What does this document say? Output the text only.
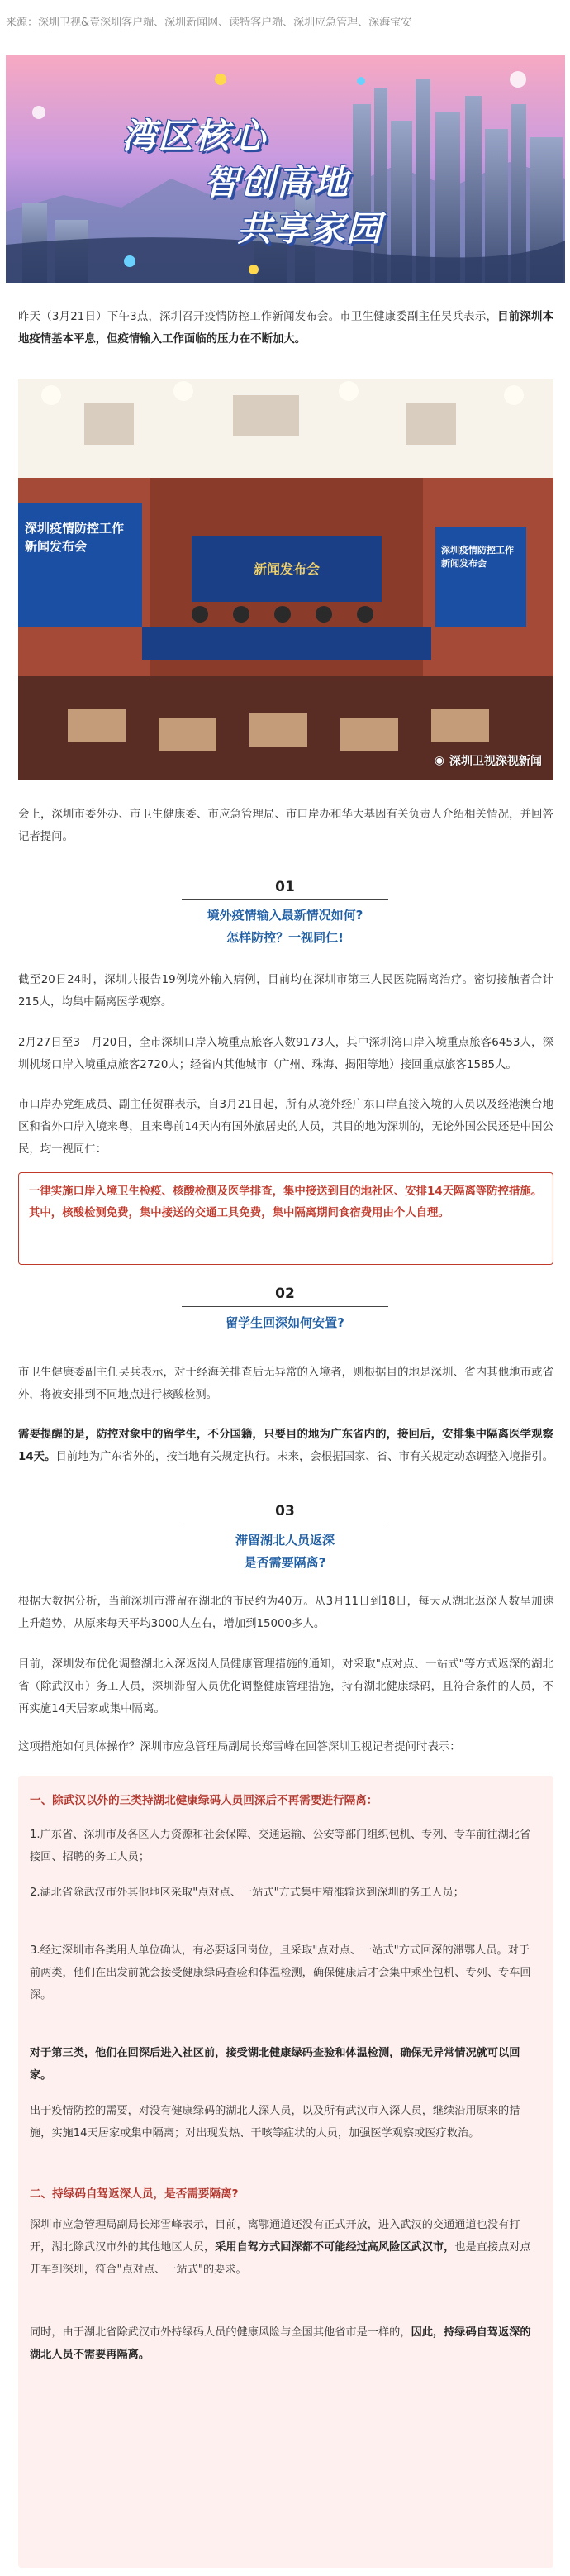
来源：深圳卫视&壹深圳客户端、深圳新闻网、读特客户端、深圳应急管理、深海宝安
湾区核心
智创高地
共享家园
昨天（3月21日）下午3点，深圳召开疫情防控工作新闻发布会。市卫生健康委副主任吴兵表示，目前深圳本地疫情基本平息，但疫情输入工作面临的压力在不断加大。
深圳疫情防控工作新闻发布会	深圳疫情防控工作新闻发布会
新闻发布会
◉ 深圳卫视深视新闻
会上，深圳市委外办、市卫生健康委、市应急管理局、市口岸办和华大基因有关负责人介绍相关情况，并回答记者提问。
01
境外疫情输入最新情况如何?
怎样防控？一视同仁!
截至20日24时，深圳共报告19例境外输入病例，目前均在深圳市第三人民医院隔离治疗。密切接触者合计215人，均集中隔离医学观察。
2月27日至3　月20日，全市深圳口岸入境重点旅客人数9173人，其中深圳湾口岸入境重点旅客6453人，深圳机场口岸入境重点旅客2720人；经省内其他城市（广州、珠海、揭阳等地）接回重点旅客1585人。
市口岸办党组成员、副主任贺群表示，自3月21日起，所有从境外经广东口岸直接入境的人员以及经港澳台地区和省外口岸入境来粤，且来粤前14天内有国外旅居史的人员，其目的地为深圳的，无论外国公民还是中国公民，均一视同仁：
一律实施口岸入境卫生检疫、核酸检测及医学排查，集中接送到目的地社区、安排14天隔离等防控措施。其中，核酸检测免费，集中接送的交通工具免费，集中隔离期间食宿费用由个人自理。
02
留学生回深如何安置?
市卫生健康委副主任吴兵表示，对于经海关排查后无异常的入境者，则根据目的地是深圳、省内其他地市或省外，将被安排到不同地点进行核酸检测。
需要提醒的是，防控对象中的留学生，不分国籍，只要目的地为广东省内的，接回后，安排集中隔离医学观察14天。目前地为广东省外的，按当地有关规定执行。未来，会根据国家、省、市有关规定动态调整入境指引。
03
滞留湖北人员返深
是否需要隔离?
根据大数据分析，当前深圳市滞留在湖北的市民约为40万。从3月11日到18日，每天从湖北返深人数呈加速上升趋势，从原来每天平均3000人左右，增加到15000多人。
目前，深圳发布优化调整湖北入深返岗人员健康管理措施的通知，对采取"点对点、一站式"等方式返深的湖北省（除武汉市）务工人员，深圳滞留人员优化调整健康管理措施，持有湖北健康绿码，且符合条件的人员，不再实施14天居家或集中隔离。
这项措施如何具体操作？深圳市应急管理局副局长郑雪峰在回答深圳卫视记者提问时表示：
一、除武汉以外的三类持湖北健康绿码人员回深后不再需要进行隔离：
1.广东省、深圳市及各区人力资源和社会保障、交通运输、公安等部门组织包机、专列、专车前往湖北省接回、招聘的务工人员；
2.湖北省除武汉市外其他地区采取"点对点、一站式"方式集中精准输送到深圳的务工人员；
3.经过深圳市各类用人单位确认，有必要返回岗位，且采取"点对点、一站式"方式回深的滞鄂人员。对于前两类，他们在出发前就会接受健康绿码查验和体温检测，确保健康后才会集中乘坐包机、专列、专车回深。
对于第三类，他们在回深后进入社区前，接受湖北健康绿码查验和体温检测，确保无异常情况就可以回家。
出于疫情防控的需要，对没有健康绿码的湖北人深人员，以及所有武汉市入深人员，继续沿用原来的措施，实施14天居家或集中隔离；对出现发热、干咳等症状的人员，加强医学观察或医疗救治。
二、持绿码自驾返深人员，是否需要隔离?
深圳市应急管理局副局长郑雪峰表示，目前，离鄂通道还没有正式开放，进入武汉的交通通道也没有打开，湖北除武汉市外的其他地区人员，采用自驾方式回深都不可能经过高风险区武汉市，也是直接点对点开车到深圳，符合"点对点、一站式"的要求。
同时，由于湖北省除武汉市外持绿码人员的健康风险与全国其他省市是一样的，因此，持绿码自驾返深的湖北人员不需要再隔离。
